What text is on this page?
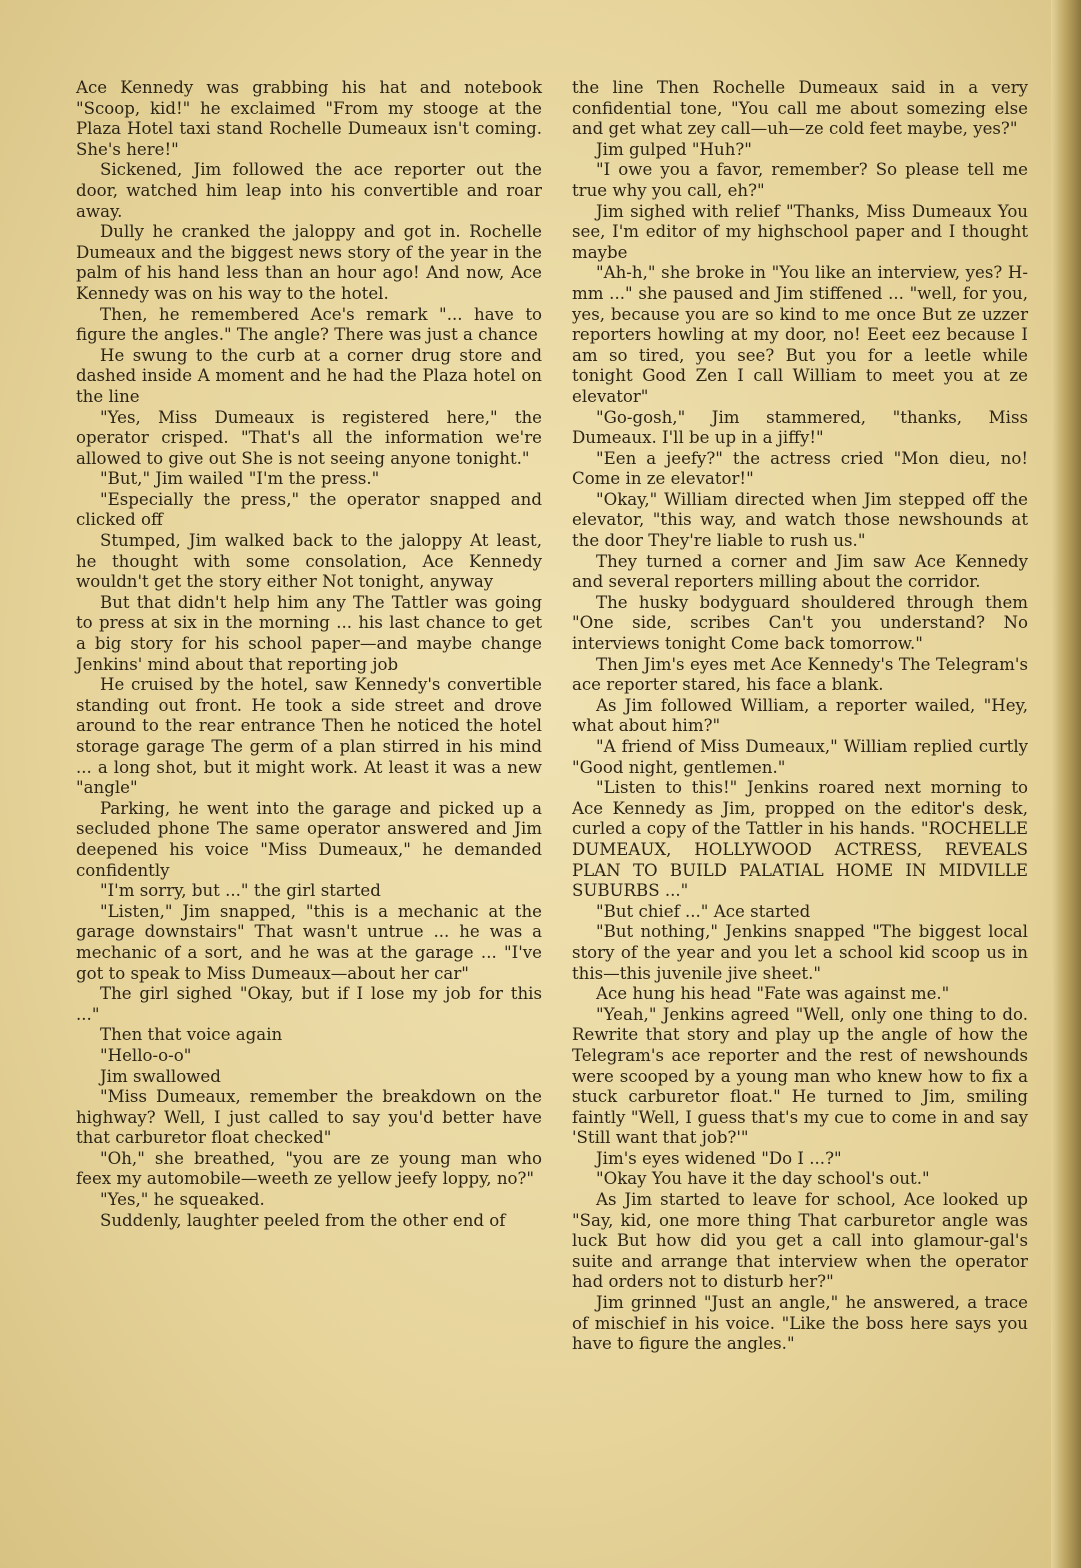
Ace Kennedy was grabbing his hat and notebook "Scoop, kid!" he exclaimed "From my stooge at the Plaza Hotel taxi stand Rochelle Dumeaux isn't coming. She's here!"

Sickened, Jim followed the ace reporter out the door, watched him leap into his convertible and roar away.

Dully he cranked the jaloppy and got in. Rochelle Dumeaux and the biggest news story of the year in the palm of his hand less than an hour ago! And now, Ace Kennedy was on his way to the hotel.

Then, he remembered Ace's remark "... have to figure the angles." The angle? There was just a chance

He swung to the curb at a corner drug store and dashed inside A moment and he had the Plaza hotel on the line

"Yes, Miss Dumeaux is registered here," the operator crisped. "That's all the information we're allowed to give out She is not seeing anyone tonight."

"But," Jim wailed "I'm the press."

"Especially the press," the operator snapped and clicked off

Stumped, Jim walked back to the jaloppy At least, he thought with some consolation, Ace Kennedy wouldn't get the story either Not tonight, anyway

But that didn't help him any The Tattler was going to press at six in the morning ... his last chance to get a big story for his school paper—and maybe change Jenkins' mind about that reporting job

He cruised by the hotel, saw Kennedy's convertible standing out front. He took a side street and drove around to the rear entrance Then he noticed the hotel storage garage The germ of a plan stirred in his mind ... a long shot, but it might work. At least it was a new "angle"

Parking, he went into the garage and picked up a secluded phone The same operator answered and Jim deepened his voice "Miss Dumeaux," he demanded confidently

"I'm sorry, but ..." the girl started

"Listen," Jim snapped, "this is a mechanic at the garage downstairs" That wasn't untrue ... he was a mechanic of a sort, and he was at the garage ... "I've got to speak to Miss Dumeaux—about her car"

The girl sighed "Okay, but if I lose my job for this ..."

Then that voice again

"Hello-o-o"

Jim swallowed

"Miss Dumeaux, remember the breakdown on the highway? Well, I just called to say you'd better have that carburetor float checked"

"Oh," she breathed, "you are ze young man who feex my automobile—weeth ze yellow jeefy loppy, no?"

"Yes," he squeaked.

Suddenly, laughter peeled from the other end of

the line Then Rochelle Dumeaux said in a very confidential tone, "You call me about somezing else and get what zey call—uh—ze cold feet maybe, yes?"

Jim gulped "Huh?"

"I owe you a favor, remember? So please tell me true why you call, eh?"

Jim sighed with relief "Thanks, Miss Dumeaux You see, I'm editor of my highschool paper and I thought maybe

"Ah-h," she broke in "You like an interview, yes? H-mm ..." she paused and Jim stiffened ... "well, for you, yes, because you are so kind to me once But ze uzzer reporters howling at my door, no! Eeet eez because I am so tired, you see? But you for a leetle while tonight Good Zen I call William to meet you at ze elevator"

"Go-gosh," Jim stammered, "thanks, Miss Dumeaux. I'll be up in a jiffy!"

"Een a jeefy?" the actress cried "Mon dieu, no! Come in ze elevator!"

"Okay," William directed when Jim stepped off the elevator, "this way, and watch those newshounds at the door They're liable to rush us."

They turned a corner and Jim saw Ace Kennedy and several reporters milling about the corridor.

The husky bodyguard shouldered through them "One side, scribes Can't you understand? No interviews tonight Come back tomorrow."

Then Jim's eyes met Ace Kennedy's The Telegram's ace reporter stared, his face a blank.

As Jim followed William, a reporter wailed, "Hey, what about him?"

"A friend of Miss Dumeaux," William replied curtly "Good night, gentlemen."

"Listen to this!" Jenkins roared next morning to Ace Kennedy as Jim, propped on the editor's desk, curled a copy of the Tattler in his hands. "ROCHELLE DUMEAUX, HOLLYWOOD ACTRESS, REVEALS PLAN TO BUILD PALATIAL HOME IN MIDVILLE SUBURBS ..."

"But chief ..." Ace started

"But nothing," Jenkins snapped "The biggest local story of the year and you let a school kid scoop us in this—this juvenile jive sheet."

Ace hung his head "Fate was against me."

"Yeah," Jenkins agreed "Well, only one thing to do. Rewrite that story and play up the angle of how the Telegram's ace reporter and the rest of newshounds were scooped by a young man who knew how to fix a stuck carburetor float." He turned to Jim, smiling faintly "Well, I guess that's my cue to come in and say 'Still want that job?'"

Jim's eyes widened "Do I ...?"

"Okay You have it the day school's out."

As Jim started to leave for school, Ace looked up "Say, kid, one more thing That carburetor angle was luck But how did you get a call into glamour-gal's suite and arrange that interview when the operator had orders not to disturb her?"

Jim grinned "Just an angle," he answered, a trace of mischief in his voice. "Like the boss here says you have to figure the angles."
